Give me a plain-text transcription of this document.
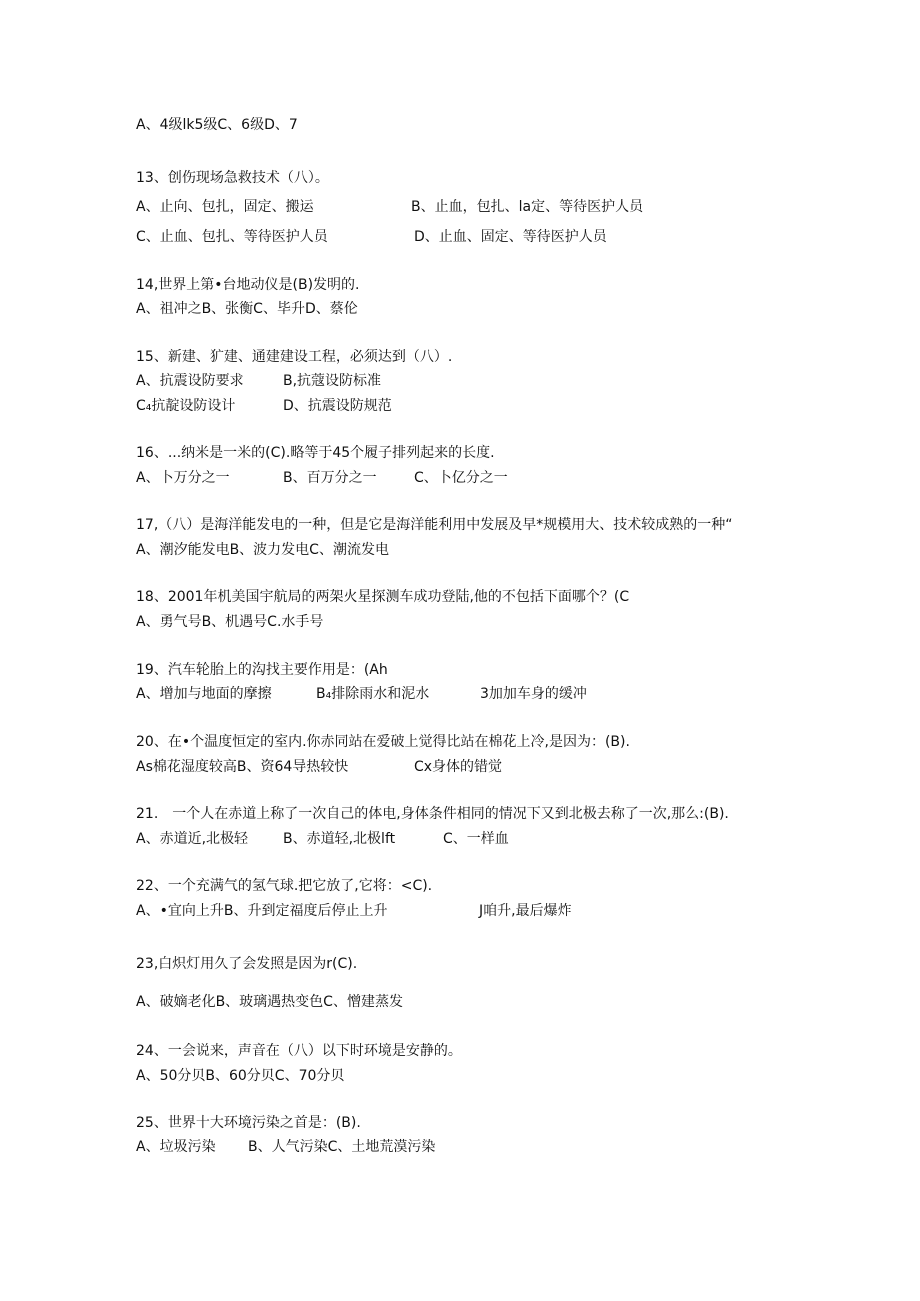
A、4级lk5级C、6级D、7
13、创伤现场急救技术（八）。
A、止向、包扎，固定、搬运	B、止血，包扎、la定、等待医护人员
C、止血、包扎、等待医护人员	D、止血、固定、等待医护人员
14,世界上第•台地动仪是(B)发明的.
A、祖冲之B、张衡C、毕升D、蔡伦
15、新建、犷建、通建建设工程，必须达到（八）.
A、抗震设防要求	B,抗蔻设防标准
C₄抗靛设防设计	D、抗震设防规范
16、...纳米是一米的(C).略等于45个履子排列起来的长度.
A、卜万分之一	B、百万分之一	C、卜亿分之一
17,（八）是海洋能发电的一种，但是它是海洋能利用中发展及早*规模用大、技术较成熟的一种“
A、潮汐能发电B、波力发电C、潮流发电
18、2001年机美国宇航局的两架火星探测车成功登陆,他的不包括下面哪个？(C
A、勇气号B、机遇号C.水手号
19、汽车轮胎上的沟找主要作用是：(Ah
A、增加与地面的摩擦	B₄排除雨水和泥水	3加加车身的缓冲
20、在•个温度恒定的室内.你赤同站在爱破上觉得比站在棉花上冷,是因为：(B).
As棉花湿度较高B、资64导热较快	Cx身体的错觉
21.　一个人在赤道上称了一次自己的体电,身体条件相同的情况下又到北极去称了一次,那么:(B).
A、赤道近,北极轻 B、赤道轻,北极lft	C、一样血
22、一个充满气的氢气球.把它放了,它将：<C).
A、•宜向上升B、升到定福度后停止上升	J咱升,最后爆炸
23,白炽灯用久了会发照是因为r(C).
A、破嫡老化B、玻璃遇热变色C、憎建蒸发
24、一会说来，声音在（八）以下时环境是安静的。
A、50分贝B、60分贝C、70分贝
25、世界十大环境污染之首是：(B).
A、垃圾污染 B、人气污染C、土地荒漠污染
